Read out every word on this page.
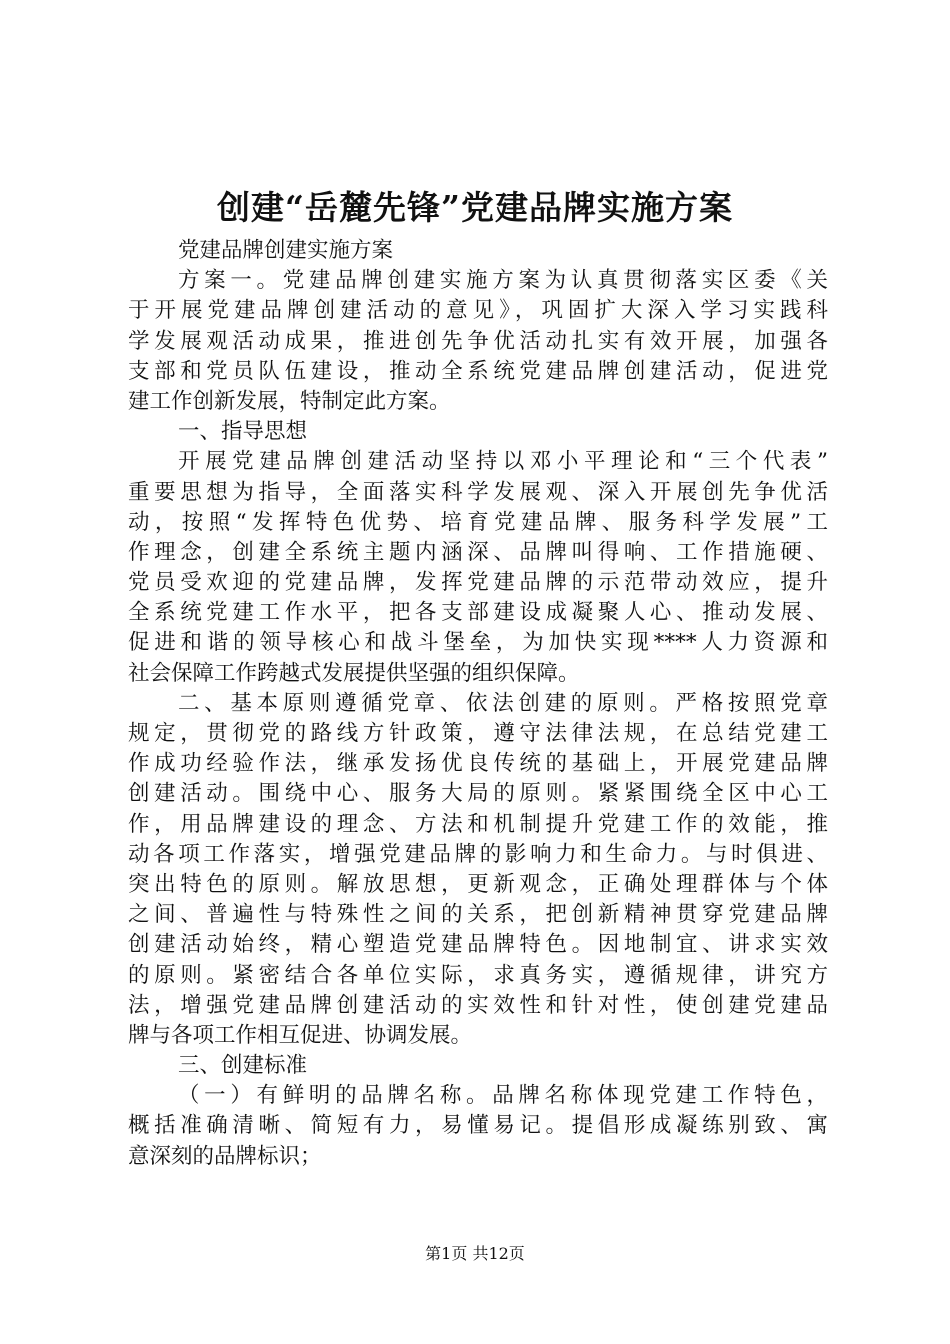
创建“岳麓先锋”党建品牌实施方案
党建品牌创建实施方案
方案一。党建品牌创建实施方案为认真贯彻落实区委《关
于开展党建品牌创建活动的意见》，巩固扩大深入学习实践科
学发展观活动成果，推进创先争优活动扎实有效开展，加强各
支部和党员队伍建设，推动全系统党建品牌创建活动，促进党
建工作创新发展，特制定此方案。
一、指导思想
开展党建品牌创建活动坚持以邓小平理论和“三个代表”
重要思想为指导，全面落实科学发展观、深入开展创先争优活
动，按照“发挥特色优势、培育党建品牌、服务科学发展”工
作理念，创建全系统主题内涵深、品牌叫得响、工作措施硬、
党员受欢迎的党建品牌，发挥党建品牌的示范带动效应，提升
全系统党建工作水平，把各支部建设成凝聚人心、推动发展、
促进和谐的领导核心和战斗堡垒，为加快实现****人力资源和
社会保障工作跨越式发展提供坚强的组织保障。
二、基本原则遵循党章、依法创建的原则。严格按照党章
规定，贯彻党的路线方针政策，遵守法律法规，在总结党建工
作成功经验作法，继承发扬优良传统的基础上，开展党建品牌
创建活动。围绕中心、服务大局的原则。紧紧围绕全区中心工
作，用品牌建设的理念、方法和机制提升党建工作的效能，推
动各项工作落实，增强党建品牌的影响力和生命力。与时俱进、
突出特色的原则。解放思想，更新观念，正确处理群体与个体
之间、普遍性与特殊性之间的关系，把创新精神贯穿党建品牌
创建活动始终，精心塑造党建品牌特色。因地制宜、讲求实效
的原则。紧密结合各单位实际，求真务实，遵循规律，讲究方
法，增强党建品牌创建活动的实效性和针对性，使创建党建品
牌与各项工作相互促进、协调发展。
三、创建标准
（一）有鲜明的品牌名称。品牌名称体现党建工作特色，
概括准确清晰、简短有力，易懂易记。提倡形成凝练别致、寓
意深刻的品牌标识；
第1页 共12页
